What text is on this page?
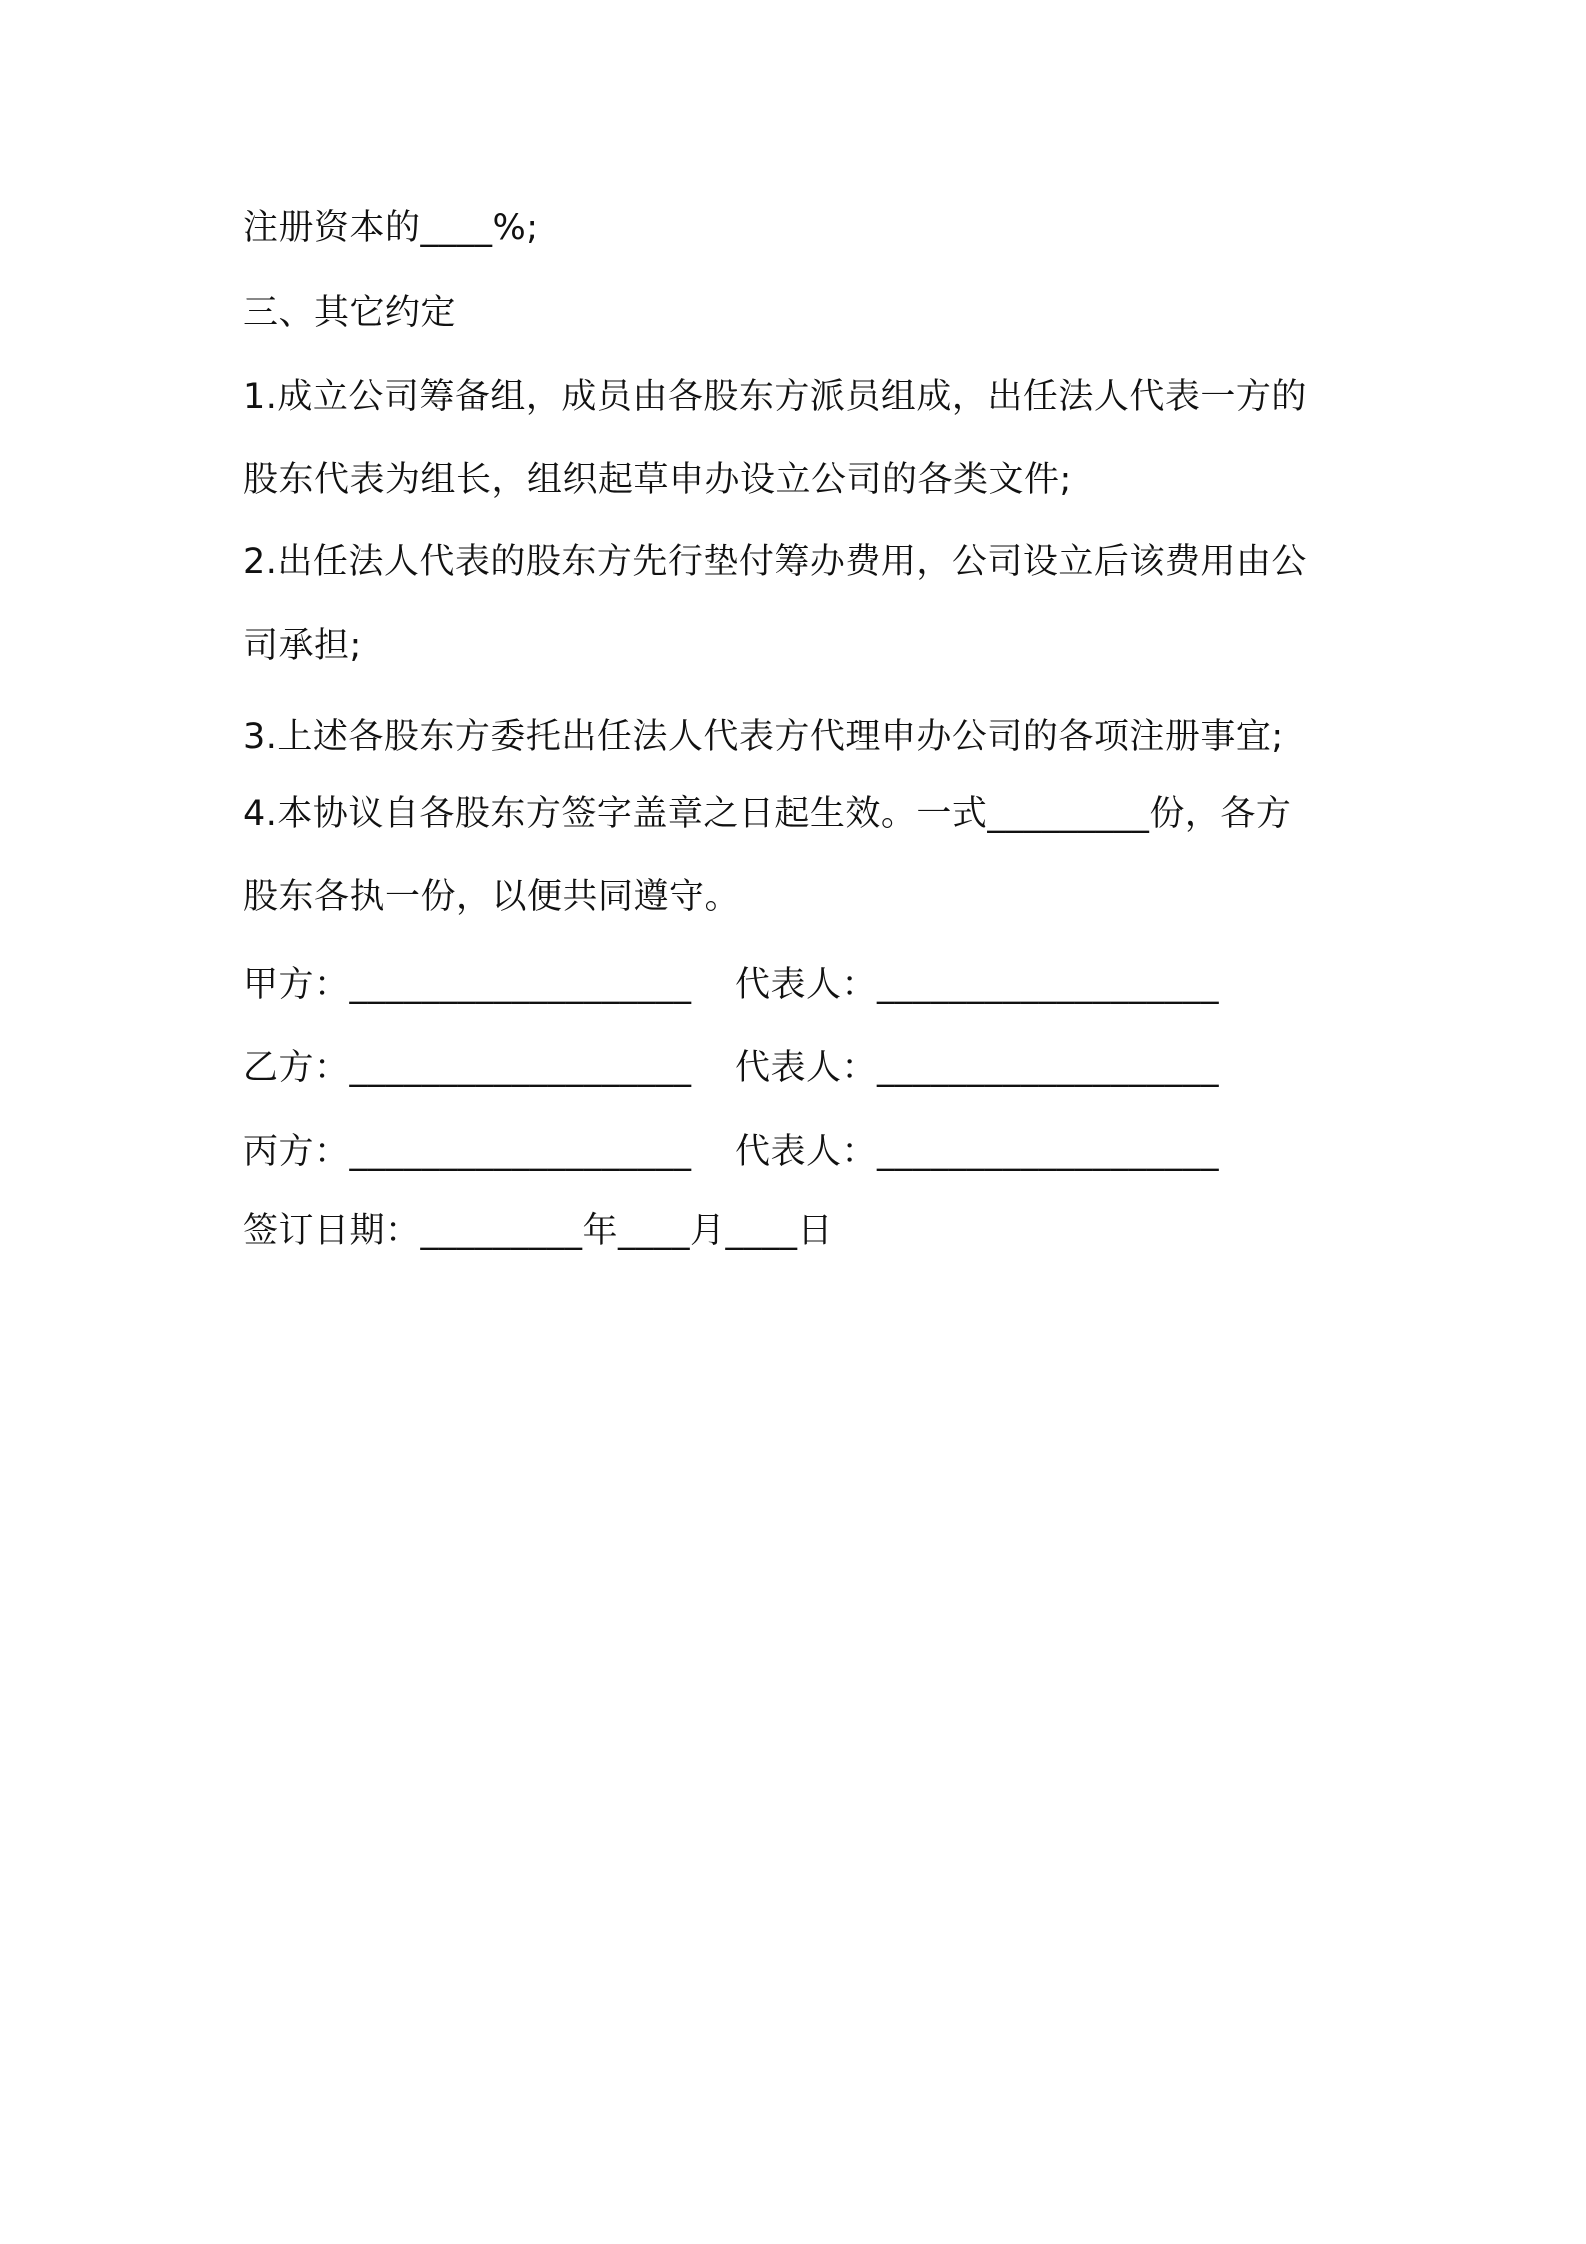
注册资本的____%;
三、其它约定
1.成立公司筹备组，成员由各股东方派员组成，出任法人代表一方的
股东代表为组长，组织起草申办设立公司的各类文件;
2.出任法人代表的股东方先行垫付筹办费用，公司设立后该费用由公
司承担;
3.上述各股东方委托出任法人代表方代理申办公司的各项注册事宜;
4.本协议自各股东方签字盖章之日起生效。一式_________份，各方
股东各执一份，以便共同遵守。
甲方：___________________ 代表人：___________________
乙方：___________________ 代表人：___________________
丙方：___________________ 代表人：___________________
签订日期：_________年____月____日
